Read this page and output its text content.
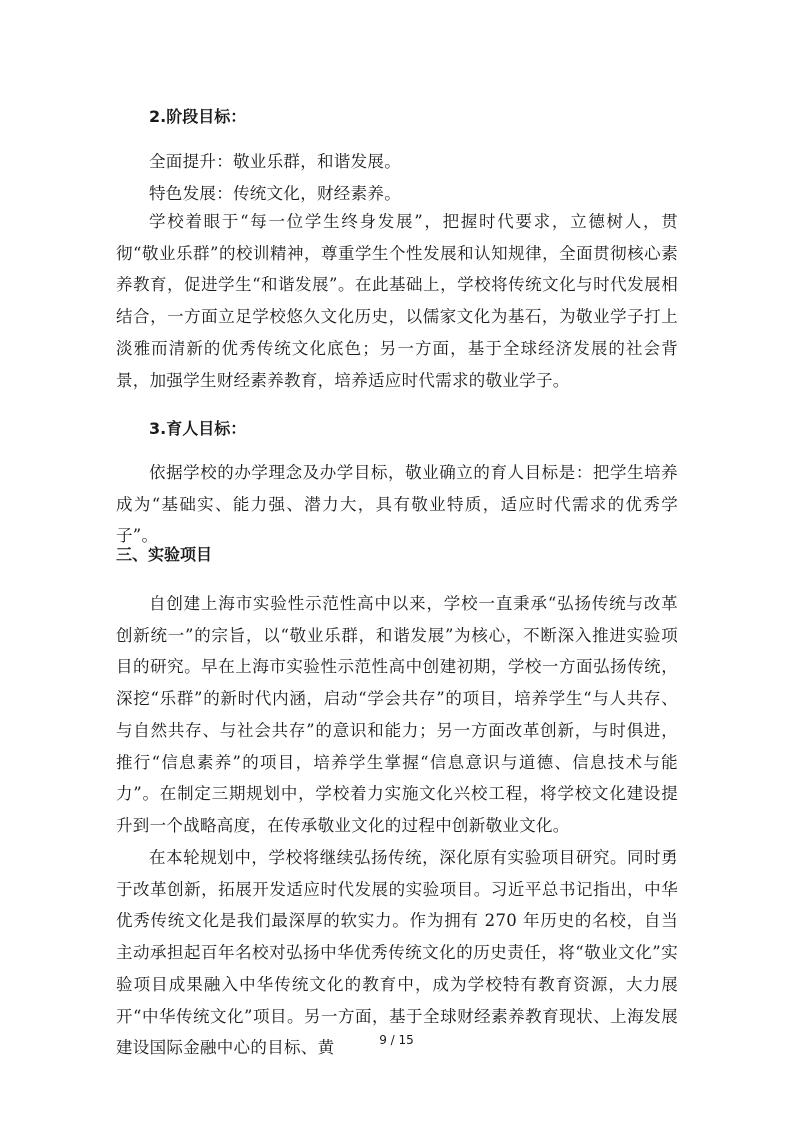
2.阶段目标：
全面提升：敬业乐群，和谐发展。
特色发展：传统文化，财经素养。

学校着眼于“每一位学生终身发展”，把握时代要求，立德树人，贯彻“敬业乐群”的校训精神，尊重学生个性发展和认知规律，全面贯彻核心素养教育，促进学生“和谐发展”。在此基础上，学校将传统文化与时代发展相结合，一方面立足学校悠久文化历史，以儒家文化为基石，为敬业学子打上淡雅而清新的优秀传统文化底色；另一方面，基于全球经济发展的社会背景，加强学生财经素养教育，培养适应时代需求的敬业学子。

3.育人目标：

依据学校的办学理念及办学目标，敬业确立的育人目标是：把学生培养成为“基础实、能力强、潜力大，具有敬业特质，适应时代需求的优秀学子”。

三、实验项目

自创建上海市实验性示范性高中以来，学校一直秉承“弘扬传统与改革创新统一”的宗旨，以“敬业乐群，和谐发展”为核心，不断深入推进实验项目的研究。早在上海市实验性示范性高中创建初期，学校一方面弘扬传统，深挖“乐群”的新时代内涵，启动“学会共存”的项目，培养学生“与人共存、与自然共存、与社会共存”的意识和能力；另一方面改革创新，与时俱进，推行“信息素养”的项目，培养学生掌握“信息意识与道德、信息技术与能力”。在制定三期规划中，学校着力实施文化兴校工程，将学校文化建设提升到一个战略高度，在传承敬业文化的过程中创新敬业文化。

在本轮规划中，学校将继续弘扬传统，深化原有实验项目研究。同时勇于改革创新，拓展开发适应时代发展的实验项目。习近平总书记指出，中华优秀传统文化是我们最深厚的软实力。作为拥有 270 年历史的名校，自当主动承担起百年名校对弘扬中华优秀传统文化的历史责任，将“敬业文化”实验项目成果融入中华传统文化的教育中，成为学校特有教育资源，大力展开“中华传统文化”项目。另一方面，基于全球财经素养教育现状、上海发展建设国际金融中心的目标、黄	9 / 15
